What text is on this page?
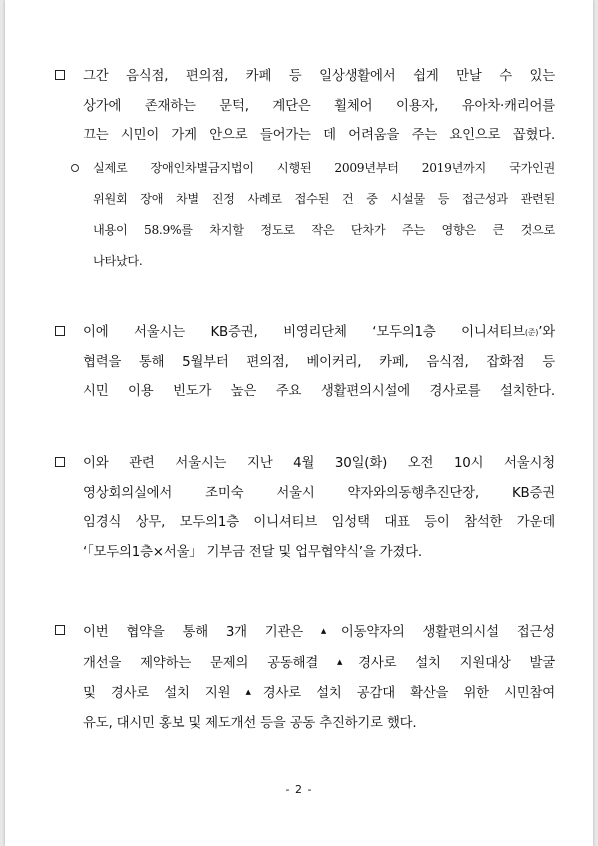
그간 음식점, 편의점, 카페 등 일상생활에서 쉽게 만날 수 있는
상가에 존재하는 문턱, 계단은 휠체어 이용자, 유아차·캐리어를
끄는 시민이 가게 안으로 들어가는 데 어려움을 주는 요인으로 꼽혔다.
실제로 장애인차별금지법이 시행된 2009년부터 2019년까지 국가인권
위원회 장애 차별 진정 사례로 접수된 건 중 시설물 등 접근성과 관련된
내용이 58.9%를 차지할 정도로 작은 단차가 주는 영향은 큰 것으로
나타났다.
이에 서울시는 KB증권, 비영리단체 ‘모두의1층 이니셔티브(준)’와
협력을 통해 5월부터 편의점, 베이커리, 카페, 음식점, 잡화점 등
시민 이용 빈도가 높은 주요 생활편의시설에 경사로를 설치한다.
이와 관련 서울시는 지난 4월 30일(화) 오전 10시 서울시청
영상회의실에서 조미숙 서울시 약자와의동행추진단장, KB증권
임경식 상무, 모두의1층 이니셔티브 임성택 대표 등이 참석한 가운데
‘「모두의1층×서울」 기부금 전달 및 업무협약식’을 가졌다.
이번 협약을 통해 3개 기관은 ▲이동약자의 생활편의시설 접근성
개선을 제약하는 문제의 공동해결 ▲경사로 설치 지원대상 발굴
및 경사로 설치 지원 ▲경사로 설치 공감대 확산을 위한 시민참여
유도, 대시민 홍보 및 제도개선 등을 공동 추진하기로 했다.
- 2 -
